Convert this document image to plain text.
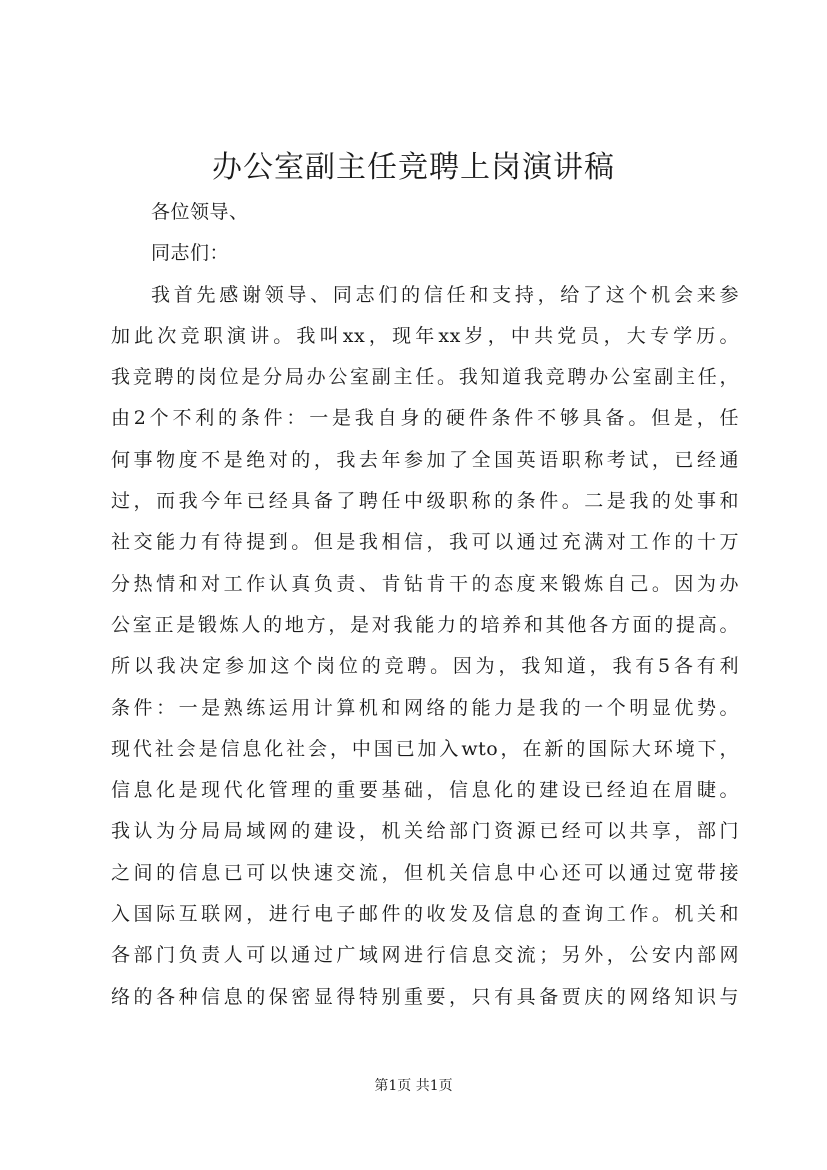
办公室副主任竞聘上岗演讲稿
各位领导、
同志们：
我首先感谢领导、同志们的信任和支持，给了这个机会来参
加此次竞职演讲。我叫xx，现年xx岁，中共党员，大专学历。
我竞聘的岗位是分局办公室副主任。我知道我竞聘办公室副主任，
由2个不利的条件：一是我自身的硬件条件不够具备。但是，任
何事物度不是绝对的，我去年参加了全国英语职称考试，已经通
过，而我今年已经具备了聘任中级职称的条件。二是我的处事和
社交能力有待提到。但是我相信，我可以通过充满对工作的十万
分热情和对工作认真负责、肯钻肯干的态度来锻炼自己。因为办
公室正是锻炼人的地方，是对我能力的培养和其他各方面的提高。
所以我决定参加这个岗位的竞聘。因为，我知道，我有5各有利
条件：一是熟练运用计算机和网络的能力是我的一个明显优势。
现代社会是信息化社会，中国已加入wto，在新的国际大环境下，
信息化是现代化管理的重要基础，信息化的建设已经迫在眉睫。
我认为分局局域网的建设，机关给部门资源已经可以共享，部门
之间的信息已可以快速交流，但机关信息中心还可以通过宽带接
入国际互联网，进行电子邮件的收发及信息的查询工作。机关和
各部门负责人可以通过广域网进行信息交流；另外，公安内部网
络的各种信息的保密显得特别重要，只有具备贾庆的网络知识与
第1页 共1页
